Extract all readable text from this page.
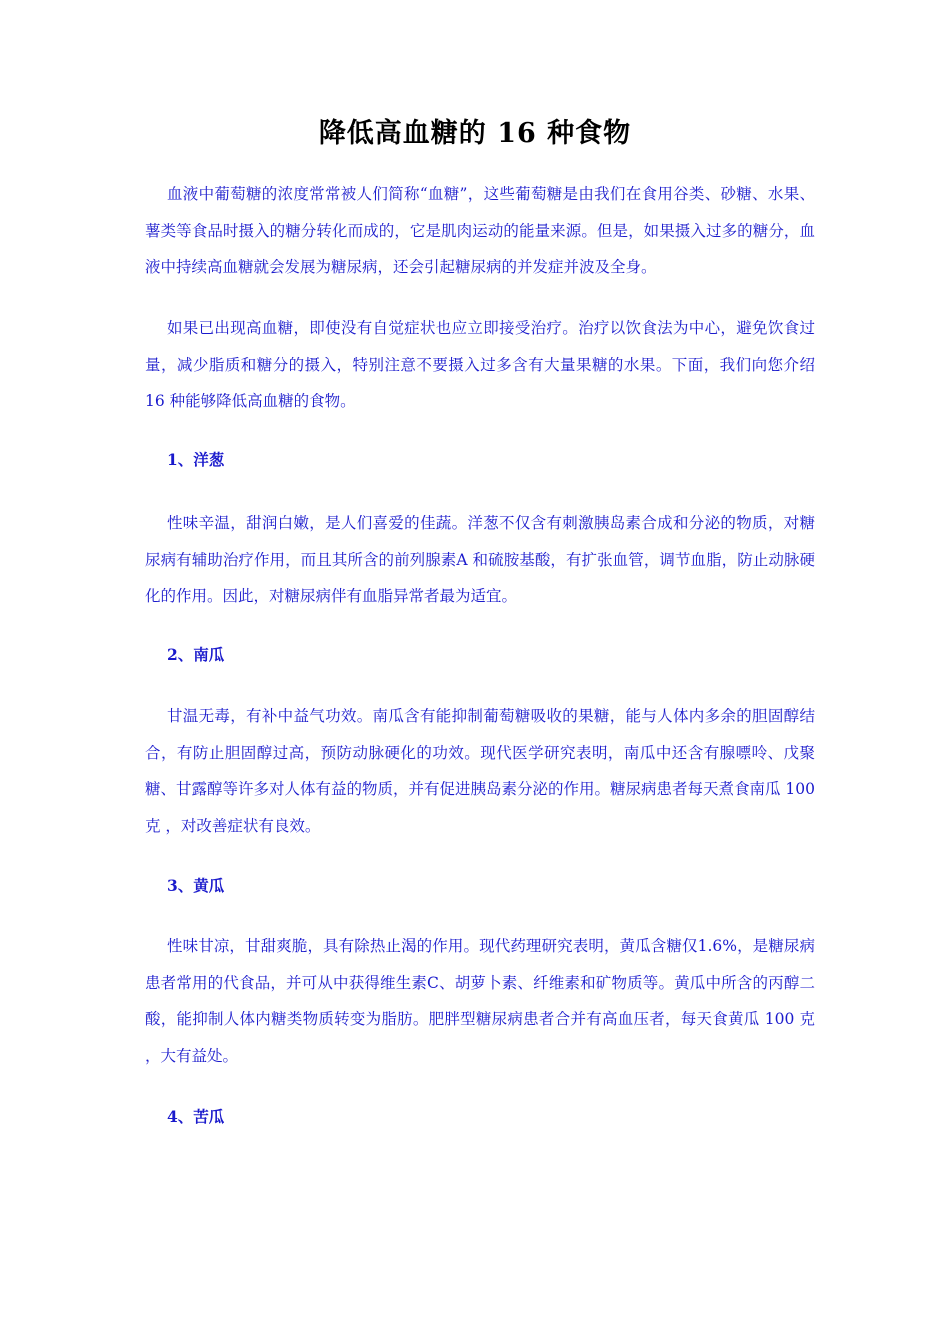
降低高血糖的 16 种食物

血液中葡萄糖的浓度常常被人们简称“血糖”，这些葡萄糖是由我们在食用谷类、砂糖、水果、薯类等食品时摄入的糖分转化而成的，它是肌肉运动的能量来源。但是，如果摄入过多的糖分，血液中持续高血糖就会发展为糖尿病，还会引起糖尿病的并发症并波及全身。

如果已出现高血糖，即使没有自觉症状也应立即接受治疗。治疗以饮食法为中心，避免饮食过量，减少脂质和糖分的摄入，特别注意不要摄入过多含有大量果糖的水果。下面，我们向您介绍 16 种能够降低高血糖的食物。

1、洋葱

性味辛温，甜润白嫩，是人们喜爱的佳蔬。洋葱不仅含有刺激胰岛素合成和分泌的物质，对糖尿病有辅助治疗作用，而且其所含的前列腺素A 和硫胺基酸，有扩张血管，调节血脂，防止动脉硬化的作用。因此，对糖尿病伴有血脂异常者最为适宜。

2、南瓜

甘温无毒，有补中益气功效。南瓜含有能抑制葡萄糖吸收的果糖，能与人体内多余的胆固醇结合，有防止胆固醇过高，预防动脉硬化的功效。现代医学研究表明，南瓜中还含有腺嘌呤、戊聚糖、甘露醇等许多对人体有益的物质，并有促进胰岛素分泌的作用。糖尿病患者每天煮食南瓜 100 克 ，对改善症状有良效。

3、黄瓜

性味甘凉，甘甜爽脆，具有除热止渴的作用。现代药理研究表明，黄瓜含糖仅1.6%，是糖尿病患者常用的代食品，并可从中获得维生素C、胡萝卜素、纤维素和矿物质等。黄瓜中所含的丙醇二酸，能抑制人体内糖类物质转变为脂肪。肥胖型糖尿病患者合并有高血压者，每天食黄瓜 100 克 ，大有益处。

4、苦瓜
